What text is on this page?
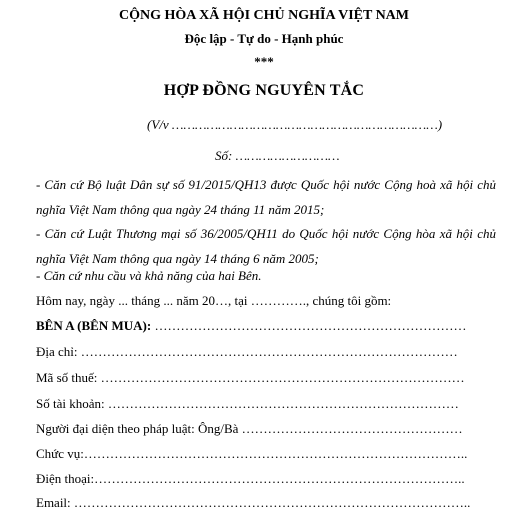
CỘNG HÒA XÃ HỘI CHỦ NGHĨA VIỆT NAM
Độc lập - Tự do - Hạnh phúc
***
HỢP ĐỒNG NGUYÊN TẮC
(V/v ……………………………………………………………)
Số: ………………………
- Căn cứ Bộ luật Dân sự số 91/2015/QH13 được Quốc hội nước Cộng hoà xã hội chủ nghĩa Việt Nam thông qua ngày 24 tháng 11 năm 2015;
- Căn cứ Luật Thương mại số 36/2005/QH11 do Quốc hội nước Cộng hòa xã hội chủ nghĩa Việt Nam thông qua ngày 14 tháng 6 năm 2005;
- Căn cứ nhu cầu và khả năng của hai Bên.
Hôm nay, ngày ... tháng ... năm 20…, tại …………., chúng tôi gồm:
BÊN A (BÊN MUA): ………………………………………………………………
Địa chỉ: ……………………………………………………………………………
Mã số thuế: …………………………………………………………………………
Số tài khoản: ………………………………………………………………………
Người đại diện theo pháp luật: Ông/Bà ……………………………………………
Chức vụ:……………………………………………………………………………..
Điện thoại:…………………………………………………………………………..
Email: ………………………………………………………………………………..
